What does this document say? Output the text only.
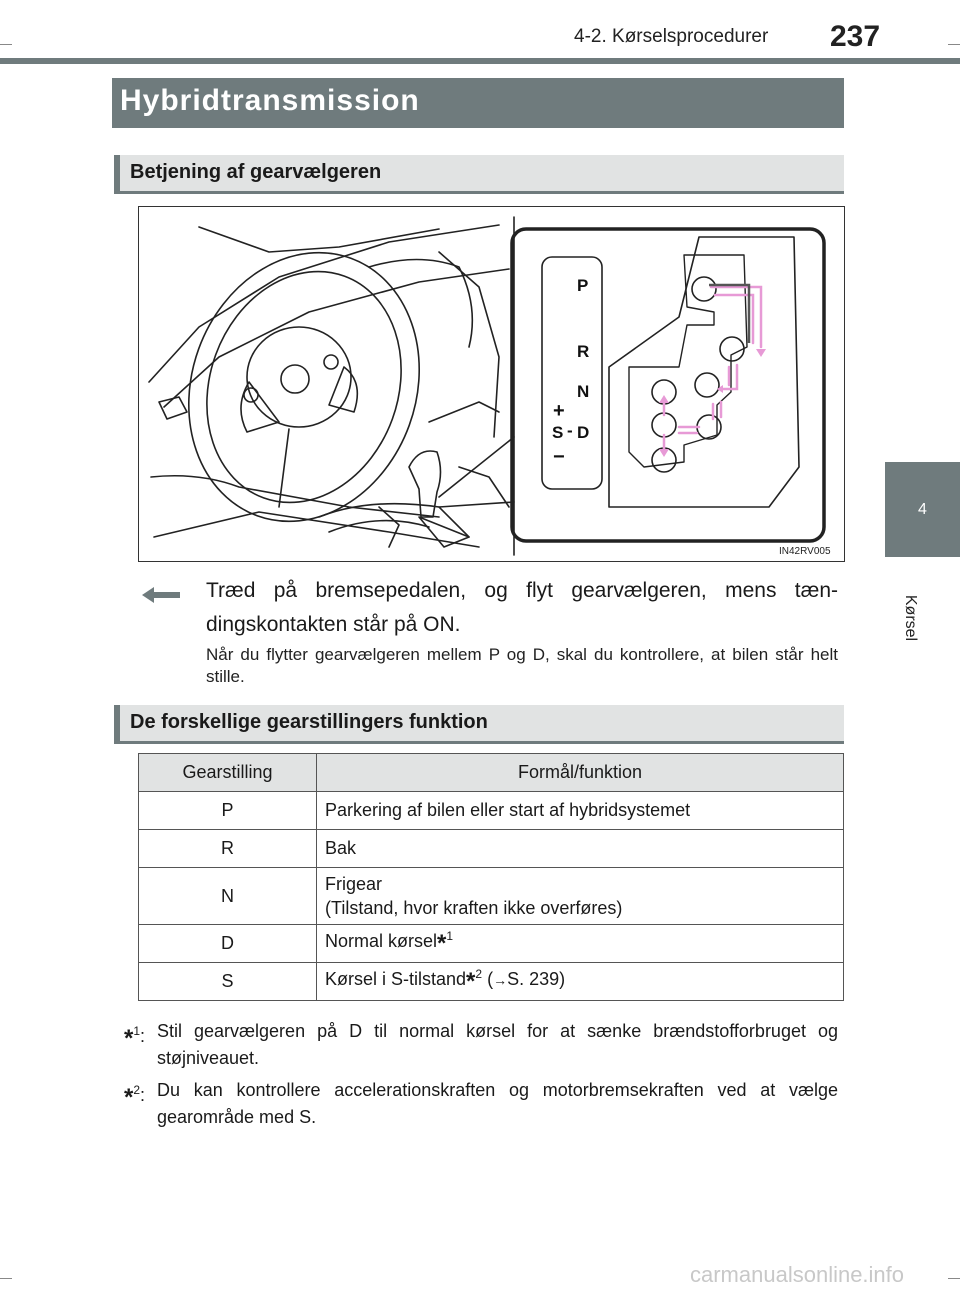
4-2. Kørselsprocedurer 237
4
Kørsel
Hybridtransmission
Betjening af gearvælgeren
P
R
N
D
S -
+
−
IN42RV005
Træd på bremsepedalen, og flyt gearvælgeren, mens tæn-dingskontakten står på ON.
Når du flytter gearvælgeren mellem P og D, skal du kontrollere, at bilen står helt stille.
De forskellige gearstillingers funktion
Gearstilling	Formål/funktion
P	Parkering af bilen eller start af hybridsystemet
R	Bak
N	Frigear
(Tilstand, hvor kraften ikke overføres)
D	Normal kørsel*$^1$
S	Kørsel i S-tilstand*$^2$ (→S. 239)
*$^1$: Stil gearvælgeren på D til normal kørsel for at sænke brændstofforbruget og støjniveauet.
*$^2$: Du kan kontrollere accelerationskraften og motorbremsekraften ved at vælge gearområde med S.
carmanualsonline.info
